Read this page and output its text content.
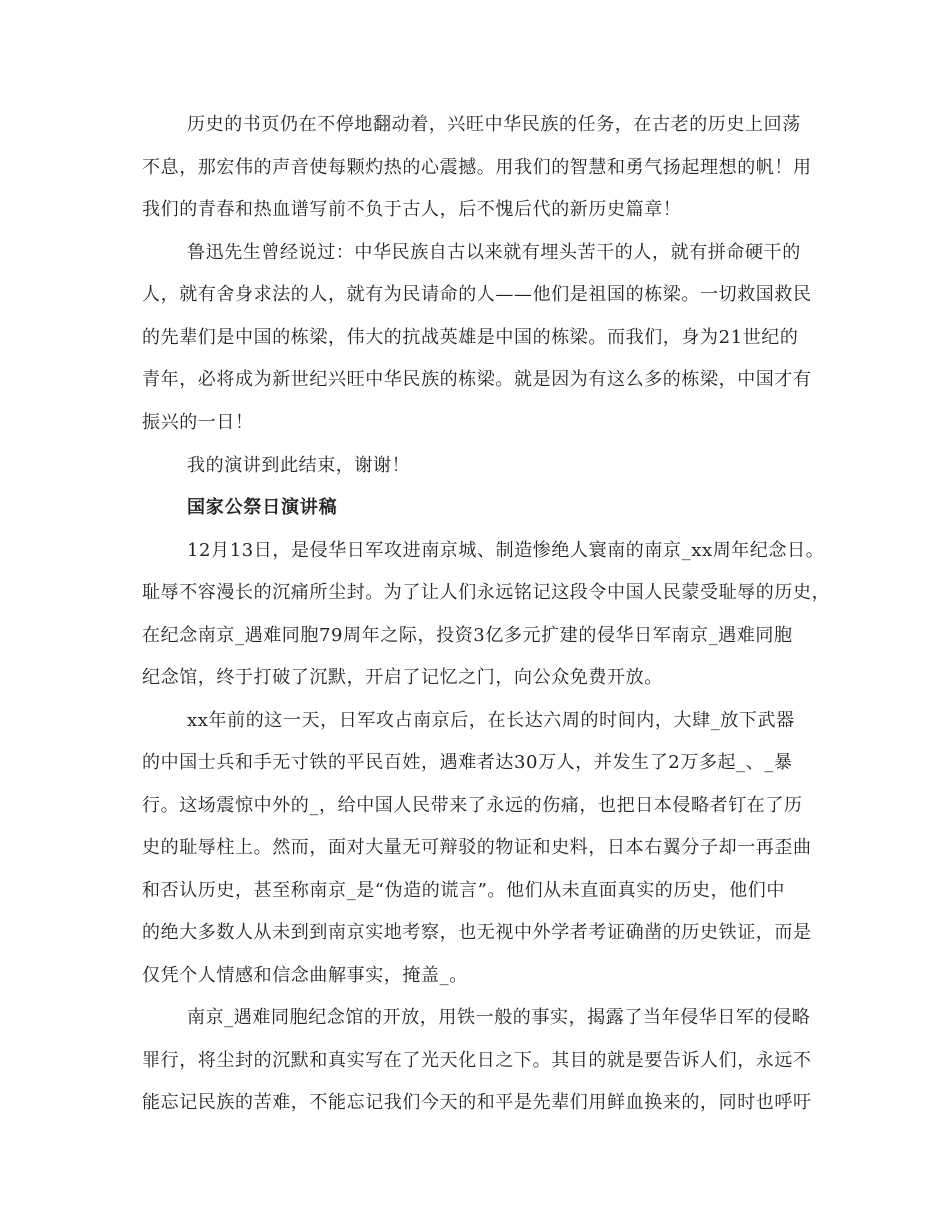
历史的书页仍在不停地翻动着，兴旺中华民族的任务，在古老的历史上回荡
不息，那宏伟的声音使每颗灼热的心震撼。用我们的智慧和勇气扬起理想的帆！用
我们的青春和热血谱写前不负于古人，后不愧后代的新历史篇章！
鲁迅先生曾经说过：中华民族自古以来就有埋头苦干的人，就有拼命硬干的
人，就有舍身求法的人，就有为民请命的人——他们是祖国的栋梁。一切救国救民
的先辈们是中国的栋梁，伟大的抗战英雄是中国的栋梁。而我们，身为21世纪的
青年，必将成为新世纪兴旺中华民族的栋梁。就是因为有这么多的栋梁，中国才有
振兴的一日！
我的演讲到此结束，谢谢！
国家公祭日演讲稿
12月13日，是侵华日军攻进南京城、制造惨绝人寰南的南京_xx周年纪念日。
耻辱不容漫长的沉痛所尘封。为了让人们永远铭记这段令中国人民蒙受耻辱的历史，
在纪念南京_遇难同胞79周年之际，投资3亿多元扩建的侵华日军南京_遇难同胞
纪念馆，终于打破了沉默，开启了记忆之门，向公众免费开放。
xx年前的这一天，日军攻占南京后，在长达六周的时间内，大肆_放下武器
的中国士兵和手无寸铁的平民百姓，遇难者达30万人，并发生了2万多起_、_暴
行。这场震惊中外的_，给中国人民带来了永远的伤痛，也把日本侵略者钉在了历
史的耻辱柱上。然而，面对大量无可辩驳的物证和史料，日本右翼分子却一再歪曲
和否认历史，甚至称南京_是“伪造的谎言”。他们从未直面真实的历史，他们中
的绝大多数人从未到到南京实地考察，也无视中外学者考证确凿的历史铁证，而是
仅凭个人情感和信念曲解事实，掩盖_。
南京_遇难同胞纪念馆的开放，用铁一般的事实，揭露了当年侵华日军的侵略
罪行，将尘封的沉默和真实写在了光天化日之下。其目的就是要告诉人们，永远不
能忘记民族的苦难，不能忘记我们今天的和平是先辈们用鲜血换来的，同时也呼吁
